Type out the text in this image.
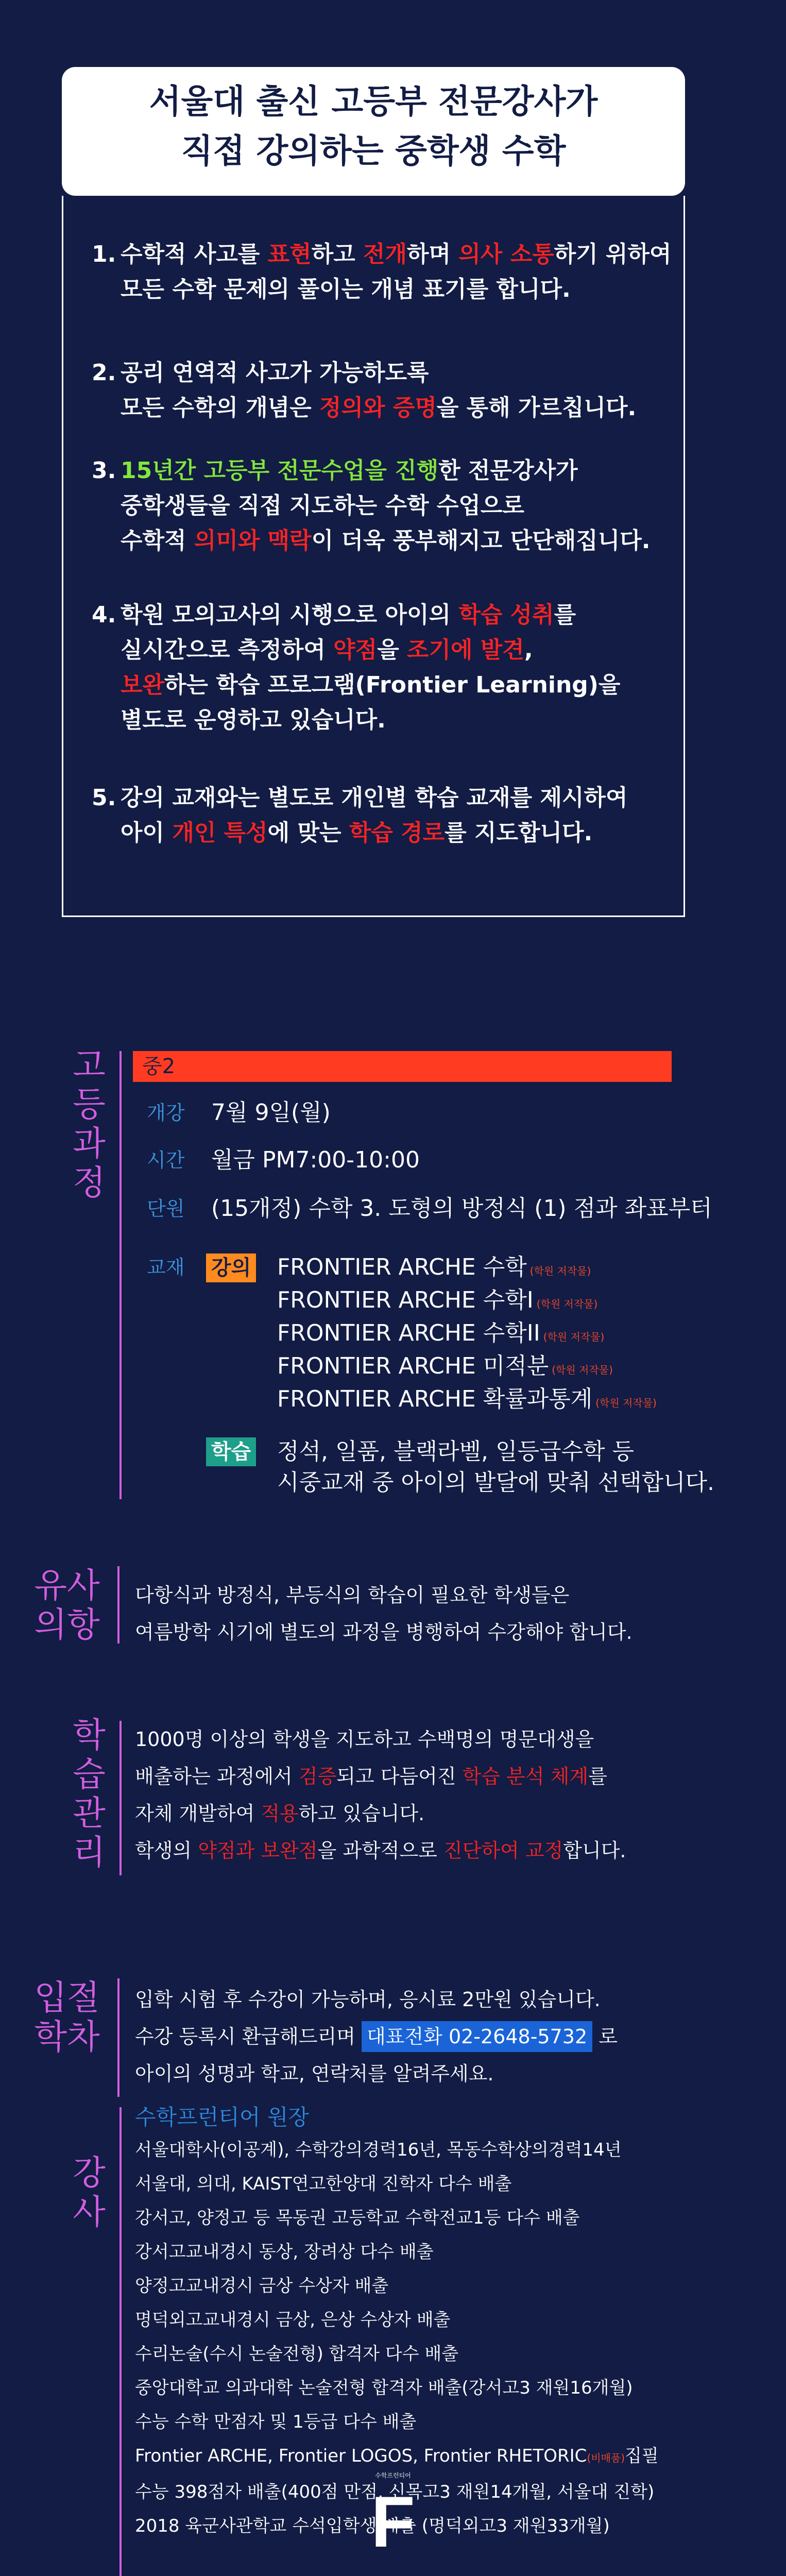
서울대 출신 고등부 전문강사가
직접 강의하는 중학생 수학
1. 수학적 사고를 표현하고 전개하며 의사 소통하기 위하여
모든 수학 문제의 풀이는 개념 표기를 합니다.
2. 공리 연역적 사고가 가능하도록
모든 수학의 개념은 정의와 증명을 통해 가르칩니다.
3. 15년간 고등부 전문수업을 진행한 전문강사가
중학생들을 직접 지도하는 수학 수업으로
수학적 의미와 맥락이 더욱 풍부해지고 단단해집니다.
4. 학원 모의고사의 시행으로 아이의 학습 성취를
실시간으로 측정하여 약점을 조기에 발견,
보완하는 학습 프로그램(Frontier Learning)을
별도로 운영하고 있습니다.
5. 강의 교재와는 별도로 개인별 학습 교재를 제시하여
아이 개인 특성에 맞는 학습 경로를 지도합니다.
고
등
과
정
중2
개강 7월 9일(월)
시간 월금 PM7:00-10:00
단원 (15개정) 수학 3. 도형의 방정식 (1) 점과 좌표부터
교재 강의 FRONTIER ARCHE 수학 (학원 저작물)
FRONTIER ARCHE 수학I (학원 저작물)
FRONTIER ARCHE 수학II (학원 저작물)
FRONTIER ARCHE 미적분 (학원 저작물)
FRONTIER ARCHE 확률과통계 (학원 저작물)
학습 정석, 일품, 블랙라벨, 일등급수학 등
시중교재 중 아이의 발달에 맞춰 선택합니다.
유사
의항
다항식과 방정식, 부등식의 학습이 필요한 학생들은
여름방학 시기에 별도의 과정을 병행하여 수강해야 합니다.
학
습
관
리
1000명 이상의 학생을 지도하고 수백명의 명문대생을
배출하는 과정에서 검증되고 다듬어진 학습 분석 체계를
자체 개발하여 적용하고 있습니다.
학생의 약점과 보완점을 과학적으로 진단하여 교정합니다.
입절
학차
입학 시험 후 수강이 가능하며, 응시료 2만원 있습니다.
수강 등록시 환급해드리며 대표전화 02-2648-5732 로
아이의 성명과 학교, 연락처를 알려주세요.
강
사
수학프런티어 원장
서울대학사(이공계), 수학강의경력16년, 목동수학상의경력14년
서울대, 의대, KAIST연고한양대 진학자 다수 배출
강서고, 양정고 등 목동권 고등학교 수학전교1등 다수 배출
강서고교내경시 동상, 장려상 다수 배출
양정고교내경시 금상 수상자 배출
명덕외고교내경시 금상, 은상 수상자 배출
수리논술(수시 논술전형) 합격자 다수 배출
중앙대학교 의과대학 논술전형 합격자 배출(강서고3 재원16개월)
수능 수학 만점자 및 1등급 다수 배출
Frontier ARCHE, Frontier LOGOS, Frontier RHETORIC(비매품)집필
수능 398점자 배출(400점 만점, 신목고3 재원14개월, 서울대 진학)
2018 육군사관학교 수석입학생 배출 (명덕외고3 재원33개월)
수학프런티어
F
